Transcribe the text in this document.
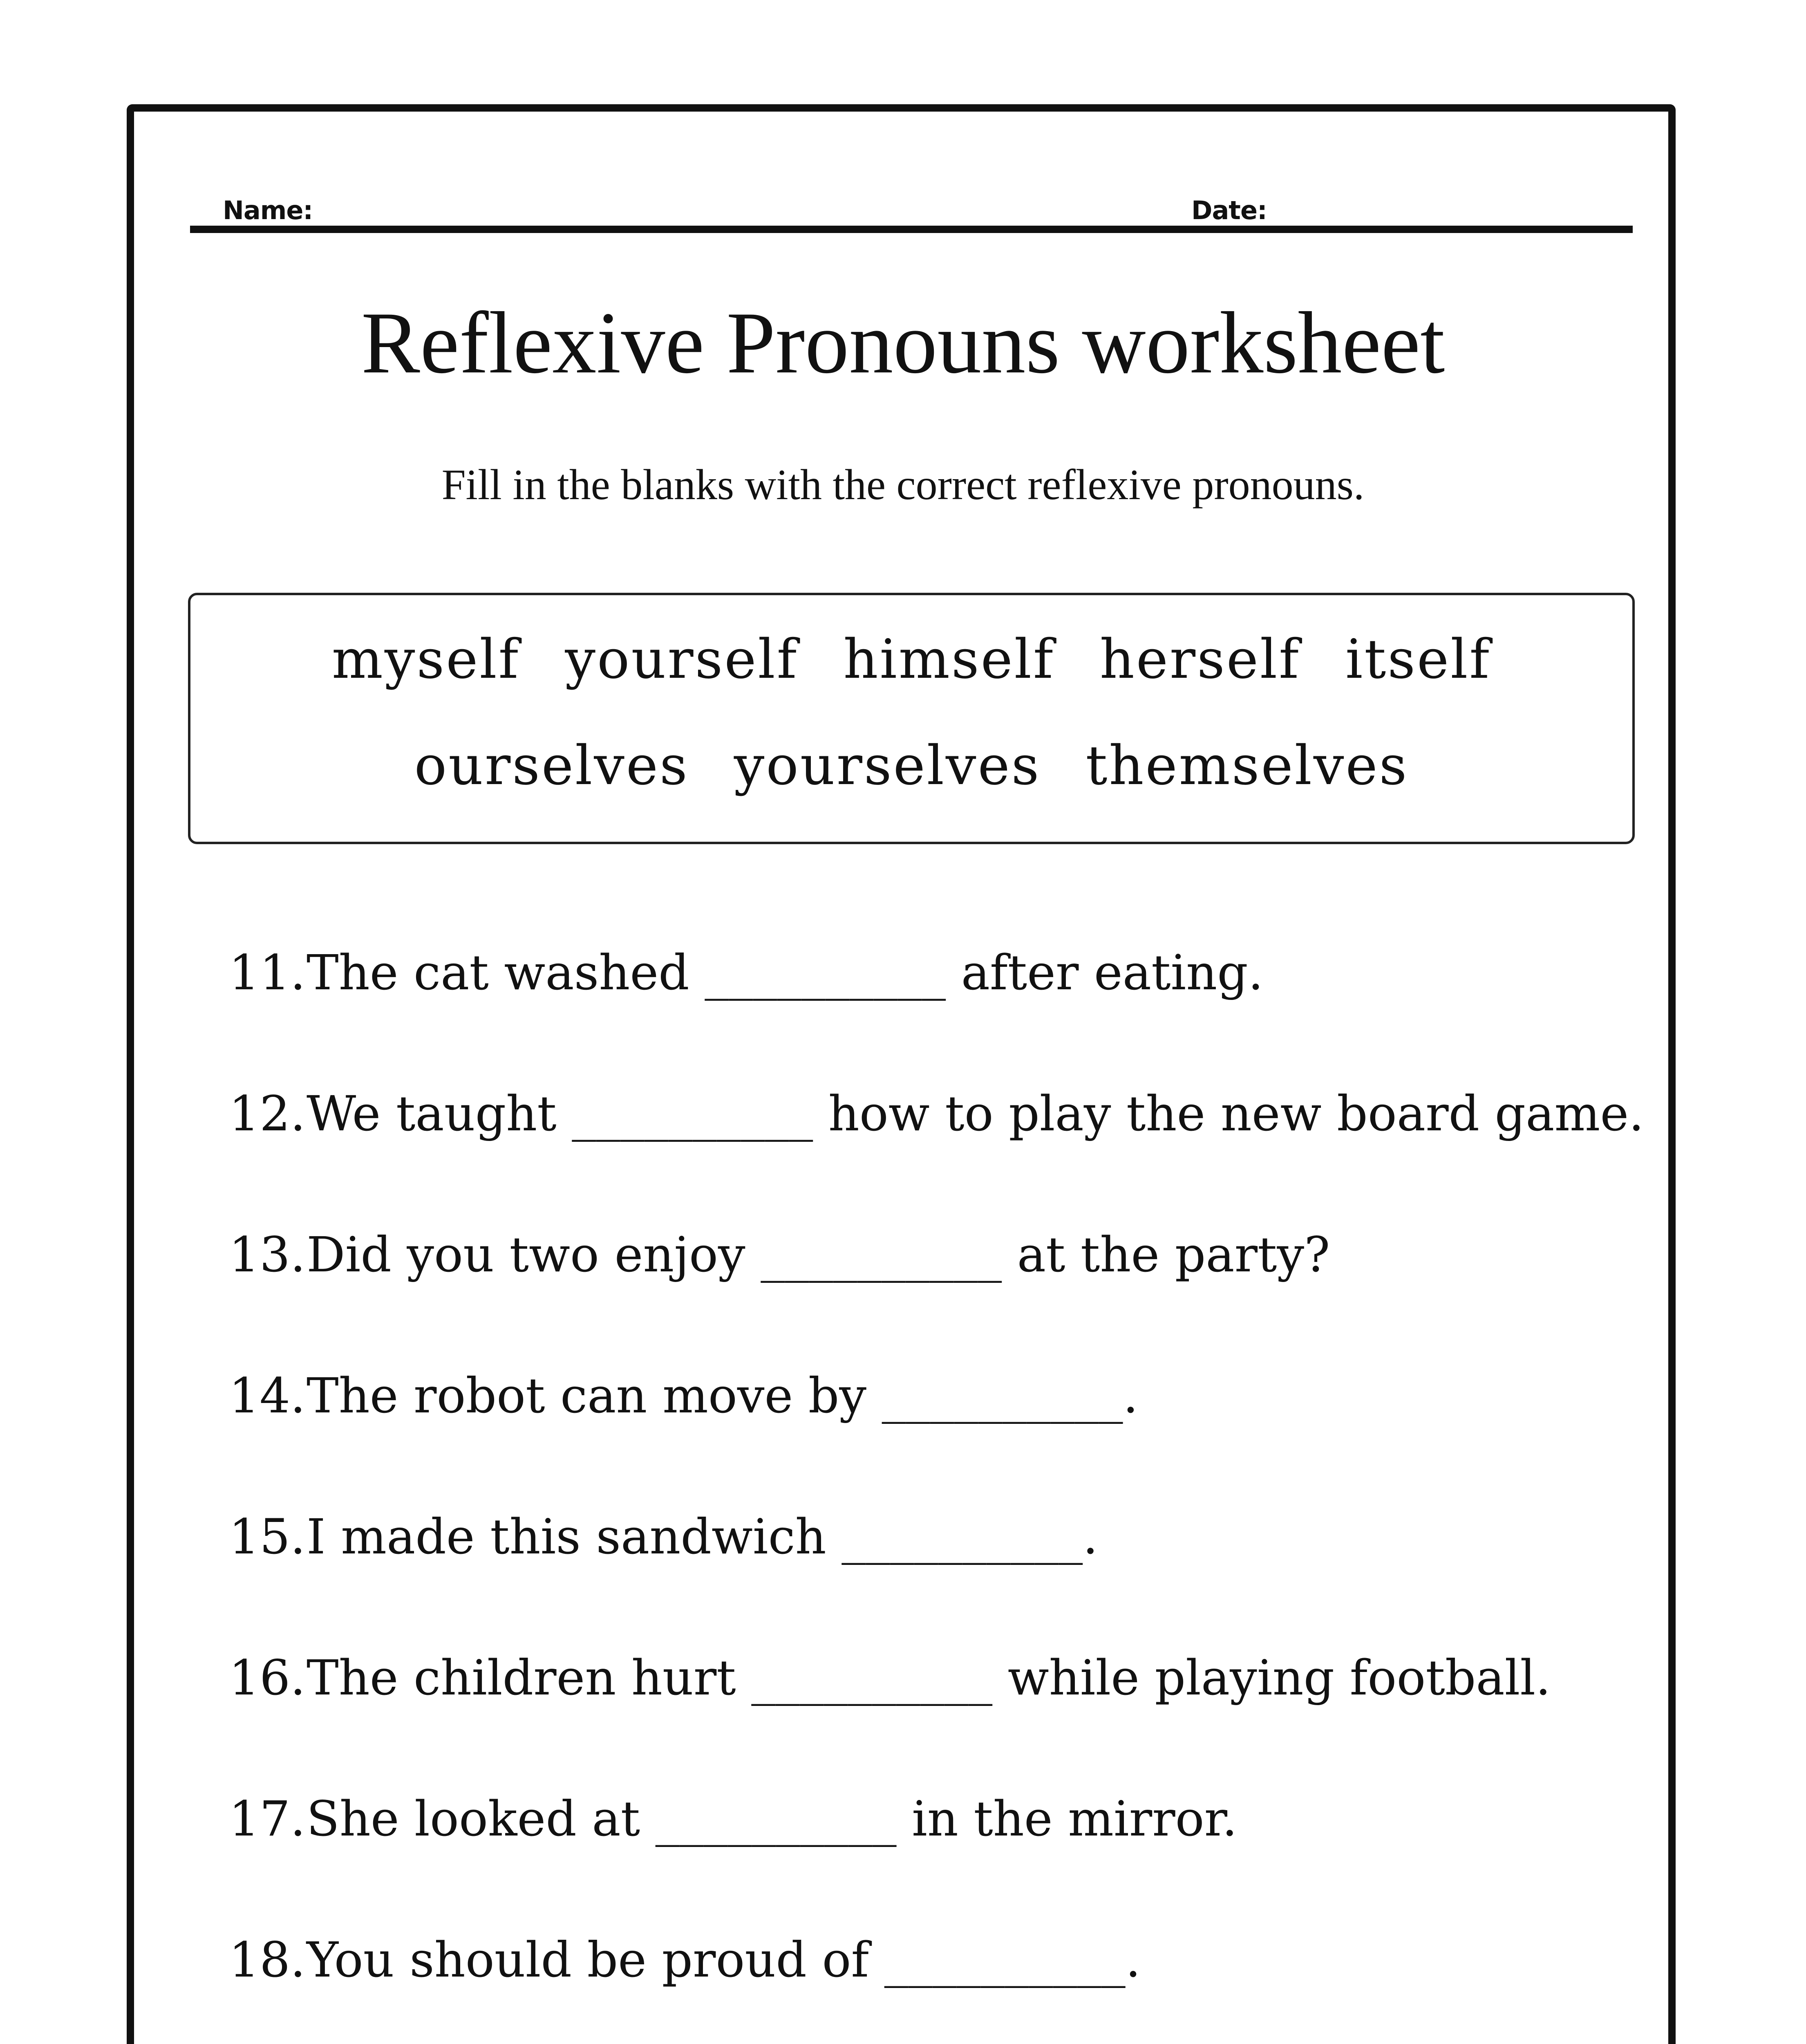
Name:	Date:
Reflexive Pronouns worksheet
Fill in the blanks with the correct reflexive pronouns.
myself yourself himself herself itself
ourselves yourselves themselves
11.The cat washed __________ after eating.
12.We taught __________ how to play the new board game.
13.Did you two enjoy __________ at the party?
14.The robot can move by __________.
15.I made this sandwich __________.
16.The children hurt __________ while playing football.
17.She looked at __________ in the mirror.
18.You should be proud of __________.
